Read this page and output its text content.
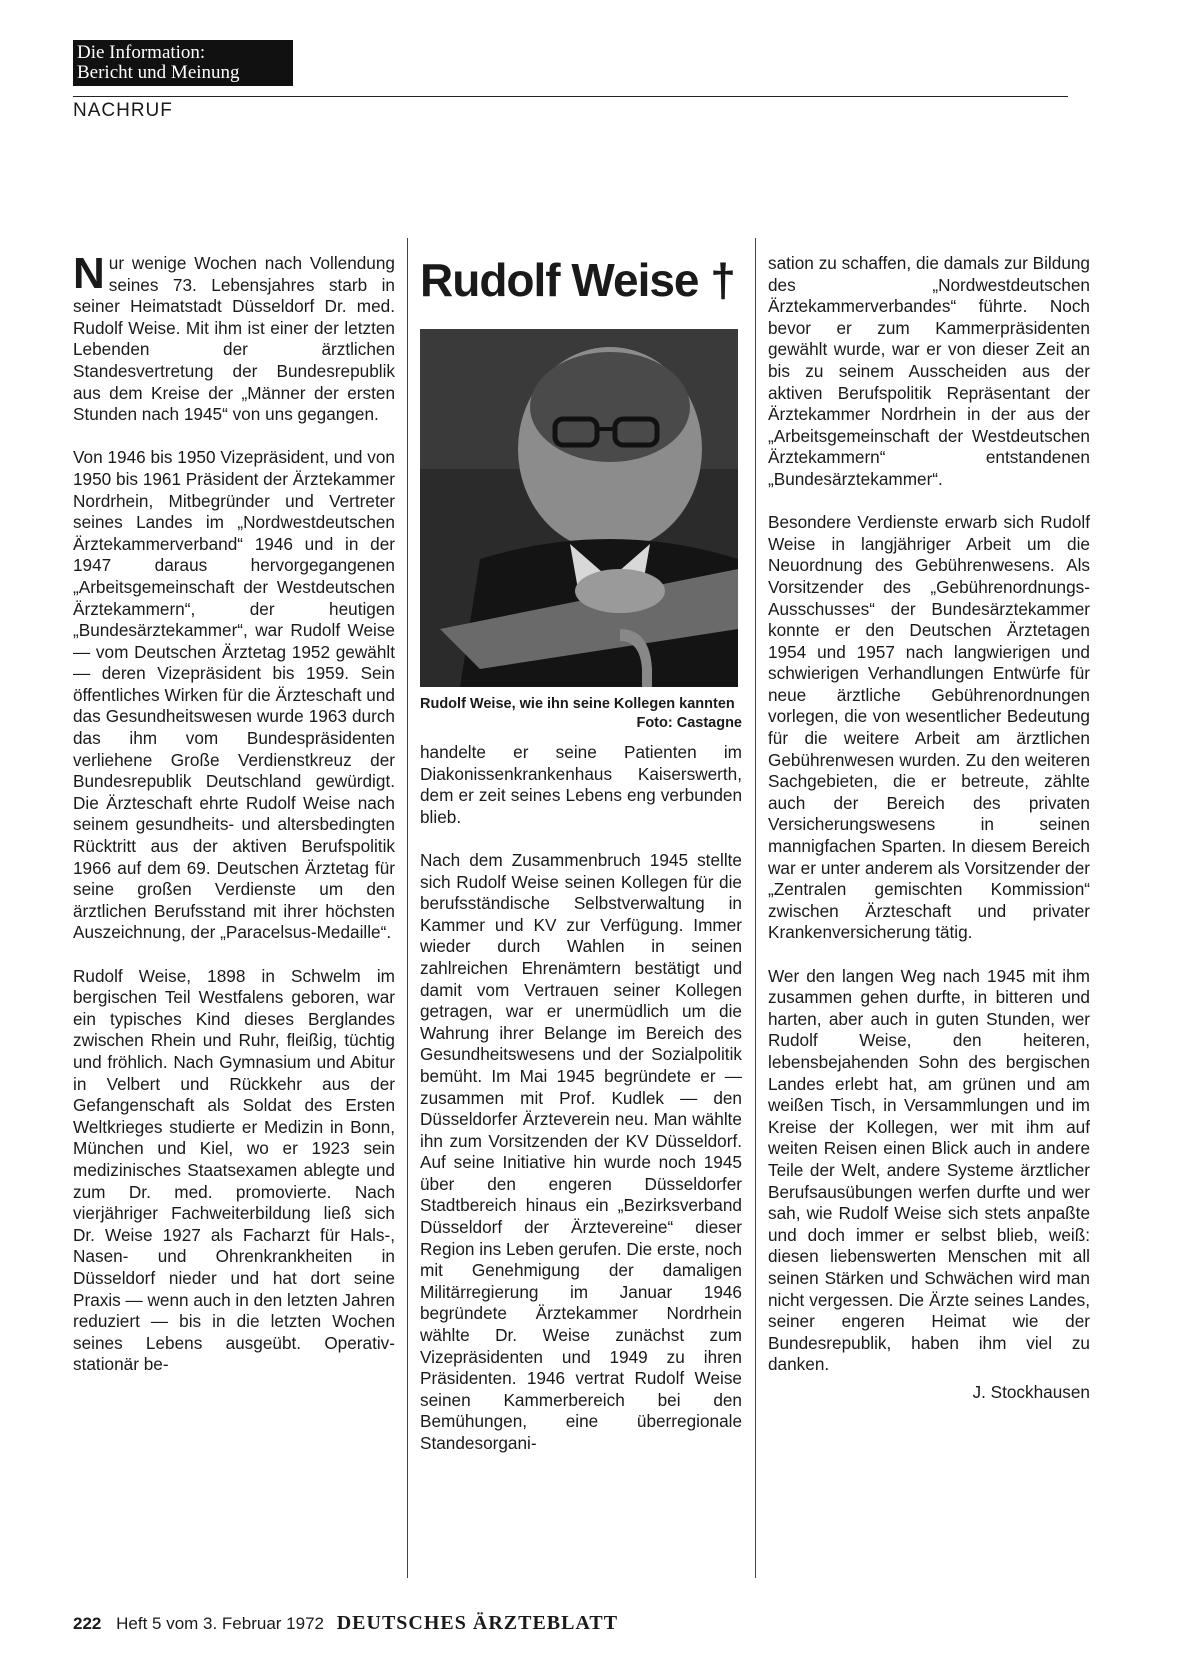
Die Information:
Bericht und Meinung
NACHRUF

Nur wenige Wochen nach Vollendung seines 73. Lebensjahres starb in seiner Heimatstadt Düsseldorf Dr. med. Rudolf Weise. Mit ihm ist einer der letzten Lebenden der ärztlichen Standesvertretung der Bundesrepublik aus dem Kreise der „Männer der ersten Stunden nach 1945“ von uns gegangen.

Von 1946 bis 1950 Vizepräsident, und von 1950 bis 1961 Präsident der Ärztekammer Nordrhein, Mitbegründer und Vertreter seines Landes im „Nordwestdeutschen Ärztekammerverband“ 1946 und in der 1947 daraus hervorgegangenen „Arbeitsgemeinschaft der Westdeutschen Ärztekammern“, der heutigen „Bundesärztekammer“, war Rudolf Weise — vom Deutschen Ärztetag 1952 gewählt — deren Vizepräsident bis 1959. Sein öffentliches Wirken für die Ärzteschaft und das Gesundheitswesen wurde 1963 durch das ihm vom Bundespräsidenten verliehene Große Verdienstkreuz der Bundesrepublik Deutschland gewürdigt. Die Ärzteschaft ehrte Rudolf Weise nach seinem gesundheits- und altersbedingten Rücktritt aus der aktiven Berufspolitik 1966 auf dem 69. Deutschen Ärztetag für seine großen Verdienste um den ärztlichen Berufsstand mit ihrer höchsten Auszeichnung, der „Paracelsus-Medaille“.

Rudolf Weise, 1898 in Schwelm im bergischen Teil Westfalens geboren, war ein typisches Kind dieses Berglandes zwischen Rhein und Ruhr, fleißig, tüchtig und fröhlich. Nach Gymnasium und Abitur in Velbert und Rückkehr aus der Gefangenschaft als Soldat des Ersten Weltkrieges studierte er Medizin in Bonn, München und Kiel, wo er 1923 sein medizinisches Staatsexamen ablegte und zum Dr. med. promovierte. Nach vierjähriger Fachweiterbildung ließ sich Dr. Weise 1927 als Facharzt für Hals-, Nasen- und Ohrenkrankheiten in Düsseldorf nieder und hat dort seine Praxis — wenn auch in den letzten Jahren reduziert — bis in die letzten Wochen seines Lebens ausgeübt. Operativ-stationär be-

Rudolf Weise †
Rudolf Weise, wie ihn seine Kollegen kannten
Foto: Castagne

handelte er seine Patienten im Diakonissenkrankenhaus Kaiserswerth, dem er zeit seines Lebens eng verbunden blieb.

Nach dem Zusammenbruch 1945 stellte sich Rudolf Weise seinen Kollegen für die berufsständische Selbstverwaltung in Kammer und KV zur Verfügung. Immer wieder durch Wahlen in seinen zahlreichen Ehrenämtern bestätigt und damit vom Vertrauen seiner Kollegen getragen, war er unermüdlich um die Wahrung ihrer Belange im Bereich des Gesundheitswesens und der Sozialpolitik bemüht. Im Mai 1945 begründete er — zusammen mit Prof. Kudlek — den Düsseldorfer Ärzteverein neu. Man wählte ihn zum Vorsitzenden der KV Düsseldorf. Auf seine Initiative hin wurde noch 1945 über den engeren Düsseldorfer Stadtbereich hinaus ein „Bezirksverband Düsseldorf der Ärztevereine“ dieser Region ins Leben gerufen. Die erste, noch mit Genehmigung der damaligen Militärregierung im Januar 1946 begründete Ärztekammer Nordrhein wählte Dr. Weise zunächst zum Vizepräsidenten und 1949 zu ihren Präsidenten. 1946 vertrat Rudolf Weise seinen Kammerbereich bei den Bemühungen, eine überregionale Standesorgani-

sation zu schaffen, die damals zur Bildung des „Nordwestdeutschen Ärztekammerverbandes“ führte. Noch bevor er zum Kammerpräsidenten gewählt wurde, war er von dieser Zeit an bis zu seinem Ausscheiden aus der aktiven Berufspolitik Repräsentant der Ärztekammer Nordrhein in der aus der „Arbeitsgemeinschaft der Westdeutschen Ärztekammern“ entstandenen „Bundesärztekammer“.

Besondere Verdienste erwarb sich Rudolf Weise in langjähriger Arbeit um die Neuordnung des Gebührenwesens. Als Vorsitzender des „Gebührenordnungs-Ausschusses“ der Bundesärztekammer konnte er den Deutschen Ärztetagen 1954 und 1957 nach langwierigen und schwierigen Verhandlungen Entwürfe für neue ärztliche Gebührenordnungen vorlegen, die von wesentlicher Bedeutung für die weitere Arbeit am ärztlichen Gebührenwesen wurden. Zu den weiteren Sachgebieten, die er betreute, zählte auch der Bereich des privaten Versicherungswesens in seinen mannigfachen Sparten. In diesem Bereich war er unter anderem als Vorsitzender der „Zentralen gemischten Kommission“ zwischen Ärzteschaft und privater Krankenversicherung tätig.

Wer den langen Weg nach 1945 mit ihm zusammen gehen durfte, in bitteren und harten, aber auch in guten Stunden, wer Rudolf Weise, den heiteren, lebensbejahenden Sohn des bergischen Landes erlebt hat, am grünen und am weißen Tisch, in Versammlungen und im Kreise der Kollegen, wer mit ihm auf weiten Reisen einen Blick auch in andere Teile der Welt, andere Systeme ärztlicher Berufsausübungen werfen durfte und wer sah, wie Rudolf Weise sich stets anpaßte und doch immer er selbst blieb, weiß: diesen liebenswerten Menschen mit all seinen Stärken und Schwächen wird man nicht vergessen. Die Ärzte seines Landes, seiner engeren Heimat wie der Bundesrepublik, haben ihm viel zu danken.

J. Stockhausen
222 Heft 5 vom 3. Februar 1972 DEUTSCHES ÄRZTEBLATT
